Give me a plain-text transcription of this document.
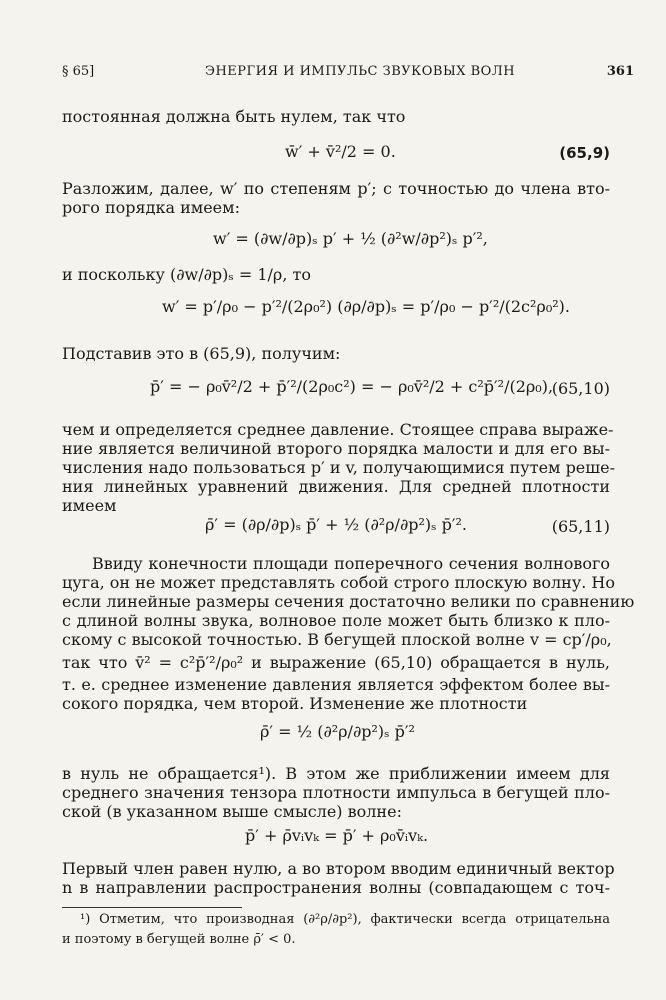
§ 65]	ЭНЕРГИЯ И ИМПУЛЬС ЗВУКОВЫХ ВОЛН	361
постоянная должна быть нулем, так что
w̄′ + v̄²/2 = 0.	(65,9)
Разложим, далее, w′ по степеням p′; с точностью до члена вто-
рого порядка имеем:
w′ = (∂w/∂p)ₛ p′ + ½ (∂²w/∂p²)ₛ p′²,
и поскольку (∂w/∂p)ₛ = 1/ρ, то
w′ = p′/ρ₀ − p′²/(2ρ₀²) (∂ρ/∂p)ₛ = p′/ρ₀ − p′²/(2c²ρ₀²).
Подставив это в (65,9), получим:
p̄′ = − ρ₀v̄²/2 + p̄′²/(2ρ₀c²) = − ρ₀v̄²/2 + c²p̄′²/(2ρ₀),
(65,10)
чем и определяется среднее давление. Стоящее справа выраже-
ние является величиной второго порядка малости и для его вы-
числения надо пользоваться p′ и v, получающимися путем реше-
ния линейных уравнений движения. Для средней плотности
имеем
ρ̄′ = (∂ρ/∂p)ₛ p̄′ + ½ (∂²ρ/∂p²)ₛ p̄′².	(65,11)
Ввиду конечности площади поперечного сечения волнового
цуга, он не может представлять собой строго плоскую волну. Но
если линейные размеры сечения достаточно велики по сравнению
с длиной волны звука, волновое поле может быть близко к пло-
скому с высокой точностью. В бегущей плоской волне v = cp′/ρ₀,
так что v̄² = c²p̄′²/ρ₀² и выражение (65,10) обращается в нуль,
т. е. среднее изменение давления является эффектом более вы-
сокого порядка, чем второй. Изменение же плотности
ρ̄′ = ½ (∂²ρ/∂p²)ₛ p̄′²
в нуль не обращается¹). В этом же приближении имеем для
среднего значения тензора плотности импульса в бегущей пло-
ской (в указанном выше смысле) волне:
p̄′ + ρ̄vᵢvₖ = p̄′ + ρ₀v̄ᵢvₖ.
Первый член равен нулю, а во втором вводим единичный вектор
n в направлении распространения волны (совпадающем с точ-
¹) Отметим, что производная (∂²ρ/∂p²), фактически всегда отрицательна
и поэтому в бегущей волне ρ̄′ < 0.
